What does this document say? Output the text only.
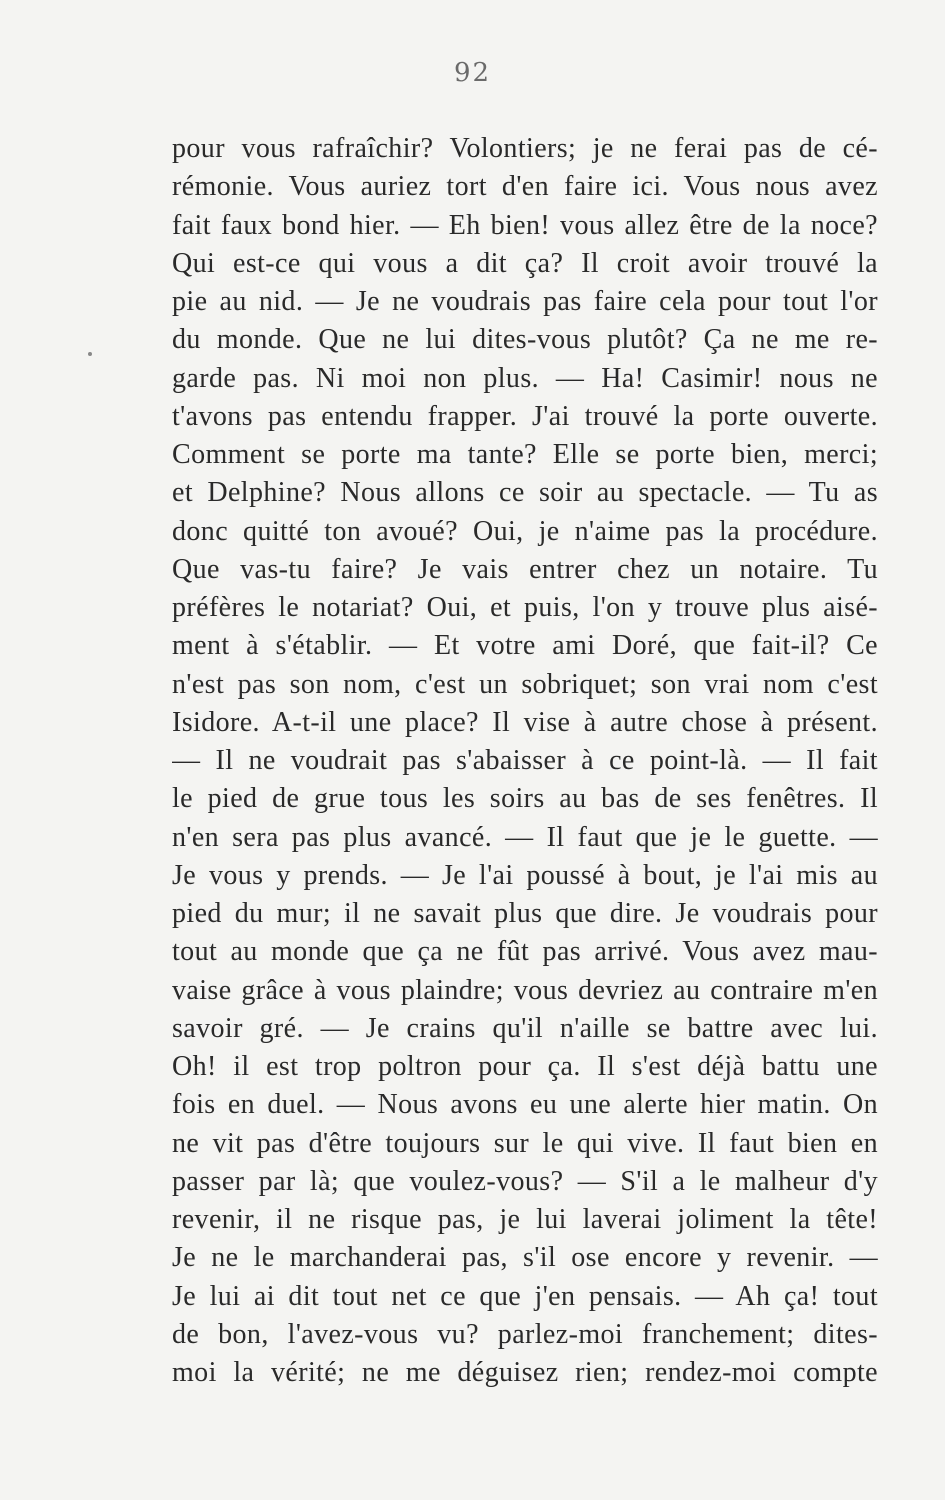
92
pour vous rafraîchir? Volontiers; je ne ferai pas de cé-
rémonie. Vous auriez tort d'en faire ici. Vous nous avez
fait faux bond hier. — Eh bien! vous allez être de la noce?
Qui est-ce qui vous a dit ça? Il croit avoir trouvé la
pie au nid. — Je ne voudrais pas faire cela pour tout l'or
du monde. Que ne lui dites-vous plutôt? Ça ne me re-
garde pas. Ni moi non plus. — Ha! Casimir! nous ne
t'avons pas entendu frapper. J'ai trouvé la porte ouverte.
Comment se porte ma tante? Elle se porte bien, merci;
et Delphine? Nous allons ce soir au spectacle. — Tu as
donc quitté ton avoué? Oui, je n'aime pas la procédure.
Que vas-tu faire? Je vais entrer chez un notaire. Tu
préfères le notariat? Oui, et puis, l'on y trouve plus aisé-
ment à s'établir. — Et votre ami Doré, que fait-il? Ce
n'est pas son nom, c'est un sobriquet; son vrai nom c'est
Isidore. A-t-il une place? Il vise à autre chose à présent.
— Il ne voudrait pas s'abaisser à ce point-là. — Il fait
le pied de grue tous les soirs au bas de ses fenêtres. Il
n'en sera pas plus avancé. — Il faut que je le guette. —
Je vous y prends. — Je l'ai poussé à bout, je l'ai mis au
pied du mur; il ne savait plus que dire. Je voudrais pour
tout au monde que ça ne fût pas arrivé. Vous avez mau-
vaise grâce à vous plaindre; vous devriez au contraire m'en
savoir gré. — Je crains qu'il n'aille se battre avec lui.
Oh! il est trop poltron pour ça. Il s'est déjà battu une
fois en duel. — Nous avons eu une alerte hier matin. On
ne vit pas d'être toujours sur le qui vive. Il faut bien en
passer par là; que voulez-vous? — S'il a le malheur d'y
revenir, il ne risque pas, je lui laverai joliment la tête!
Je ne le marchanderai pas, s'il ose encore y revenir. —
Je lui ai dit tout net ce que j'en pensais. — Ah ça! tout
de bon, l'avez-vous vu? parlez-moi franchement; dites-
moi la vérité; ne me déguisez rien; rendez-moi compte
